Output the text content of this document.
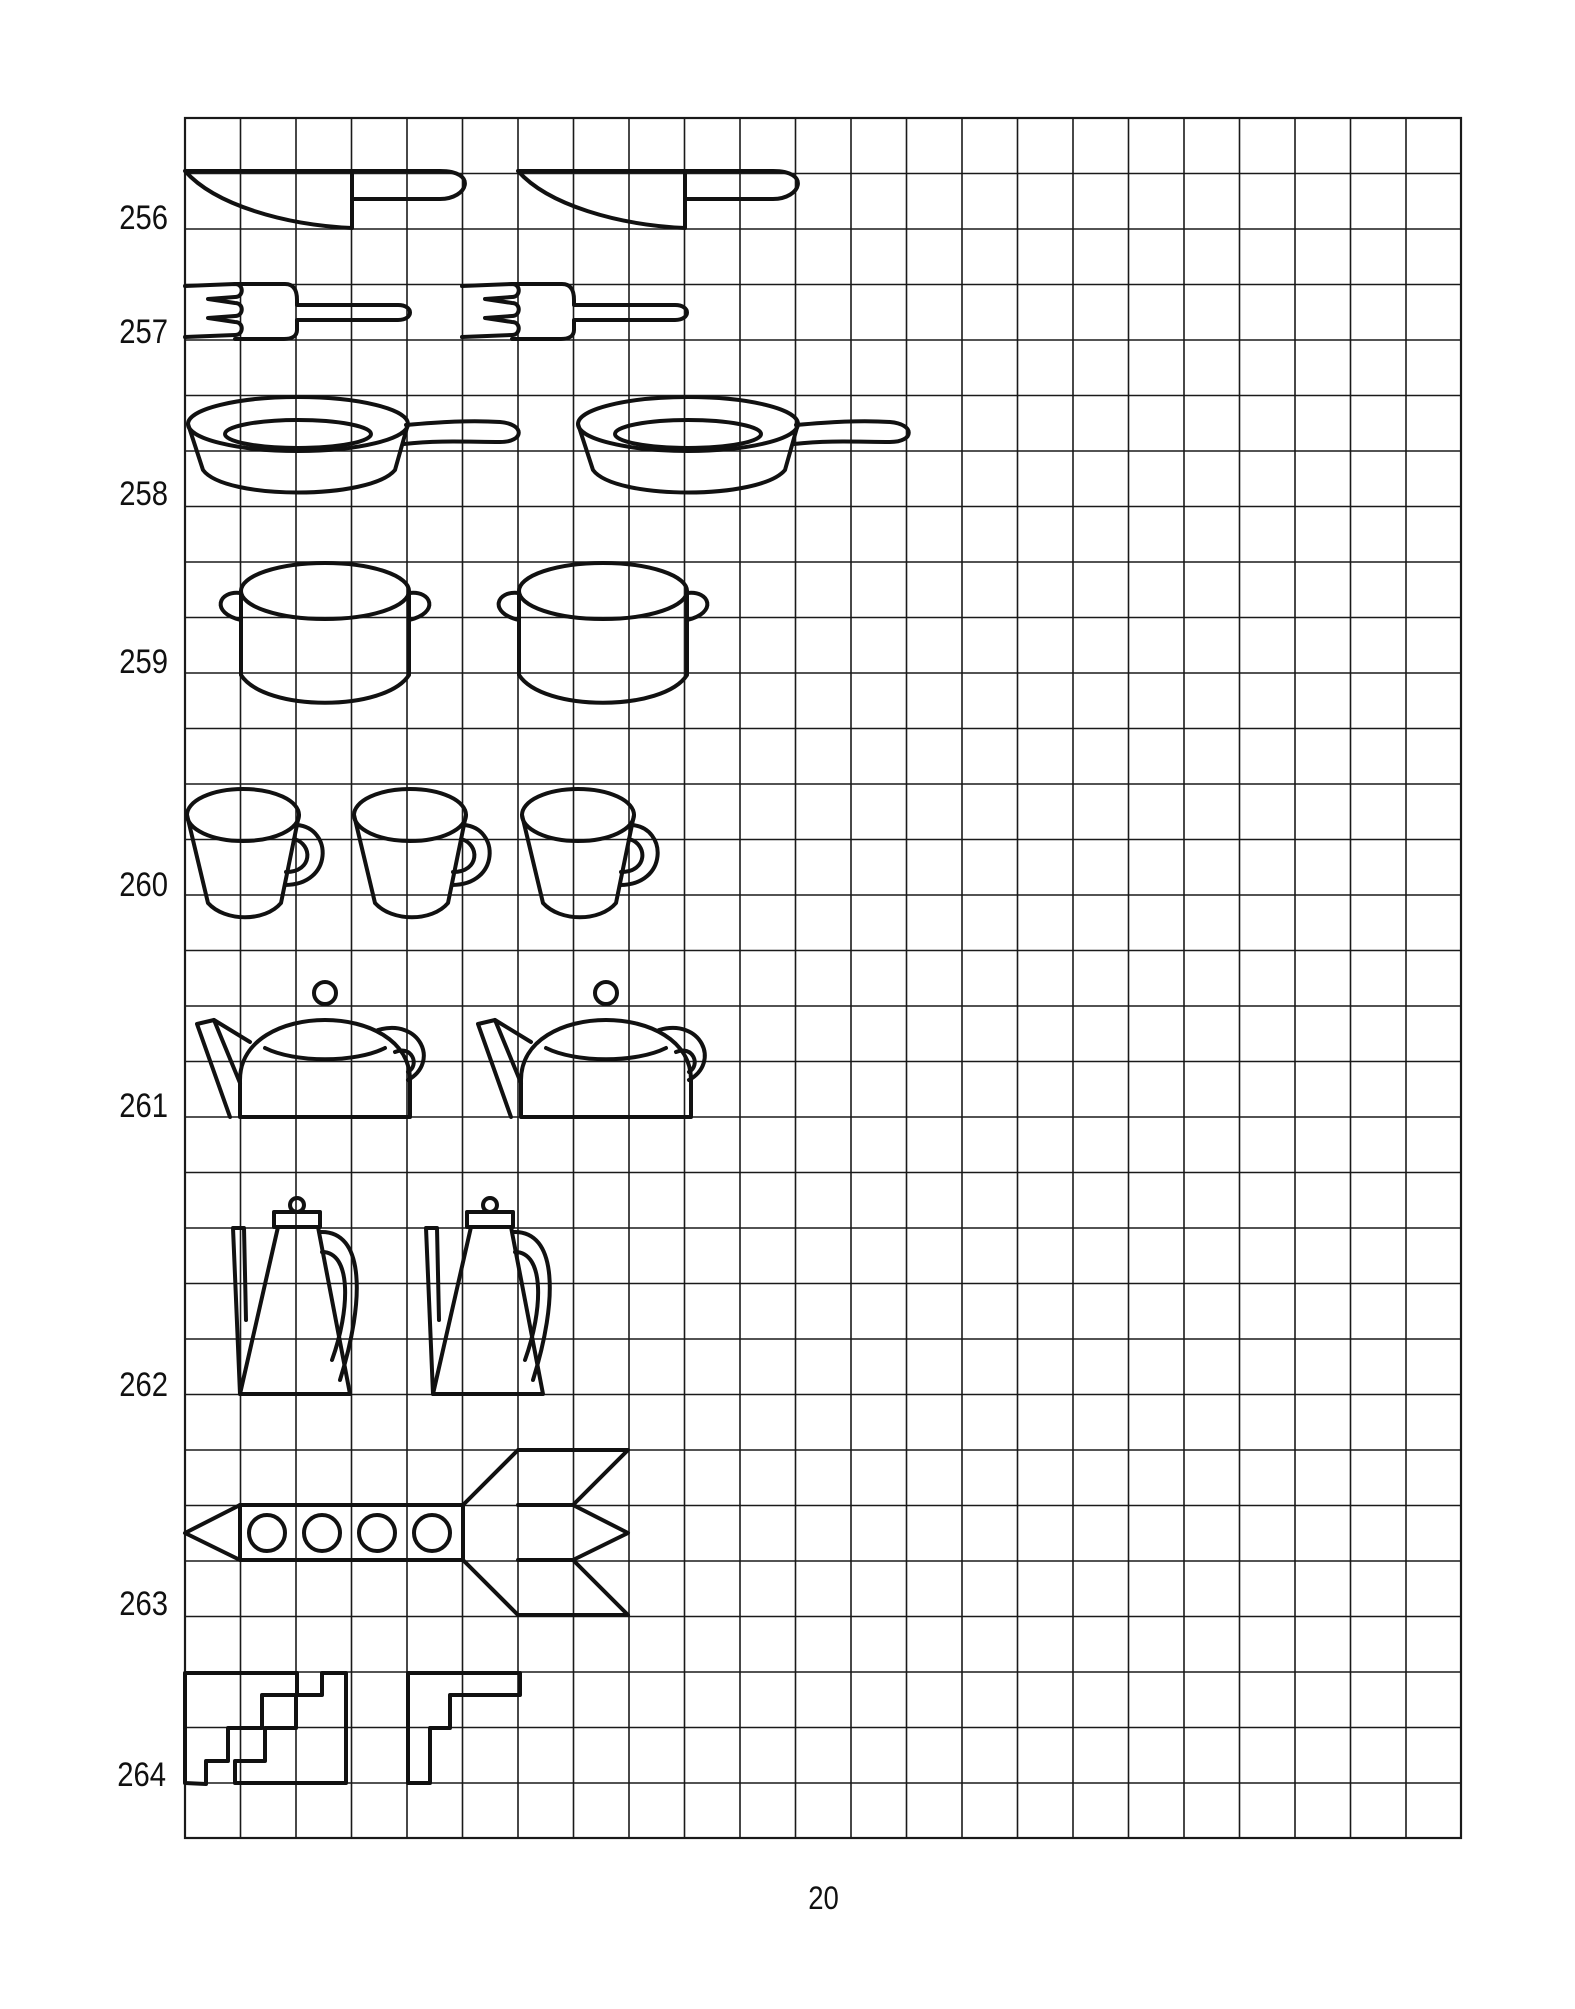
256
257
258
259
260
261
262
263
264
20
